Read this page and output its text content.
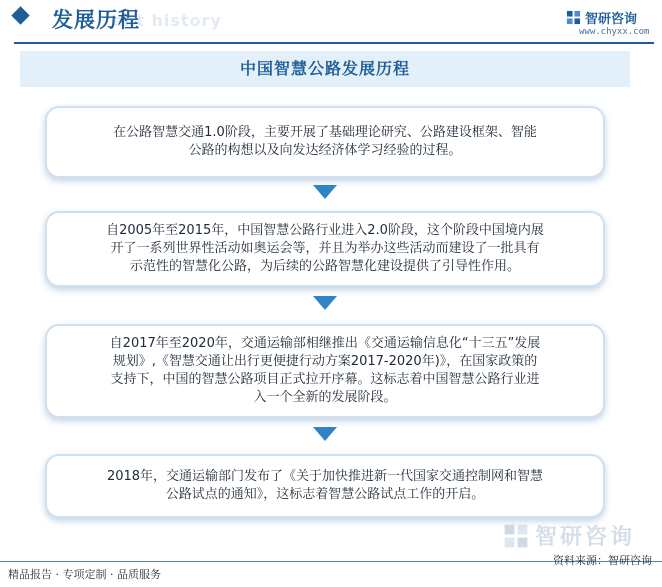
ent history
发展历程	智研咨询
www.chyxx.com
中国智慧公路发展历程
在公路智慧交通1.0阶段，主要开展了基础理论研究、公路建设框架、智能
公路的构想以及向发达经济体学习经验的过程。
自2005年至2015年，中国智慧公路行业进入2.0阶段，这个阶段中国境内展
开了一系列世界性活动如奥运会等，并且为举办这些活动而建设了一批具有
示范性的智慧化公路，为后续的公路智慧化建设提供了引导性作用。
自2017年至2020年，交通运输部相继推出《交通运输信息化“十三五”发展
规划》,《智慧交通让出行更便捷行动方案2017-2020年)》，在国家政策的
支持下，中国的智慧公路项目正式拉开序幕。这标志着中国智慧公路行业进
入一个全新的发展阶段。
2018年，交通运输部门发布了《关于加快推进新一代国家交通控制网和智慧
公路试点的通知》，这标志着智慧公路试点工作的开启。
智研咨询
精品报告 · 专项定制 · 品质服务
资料来源：智研咨询
